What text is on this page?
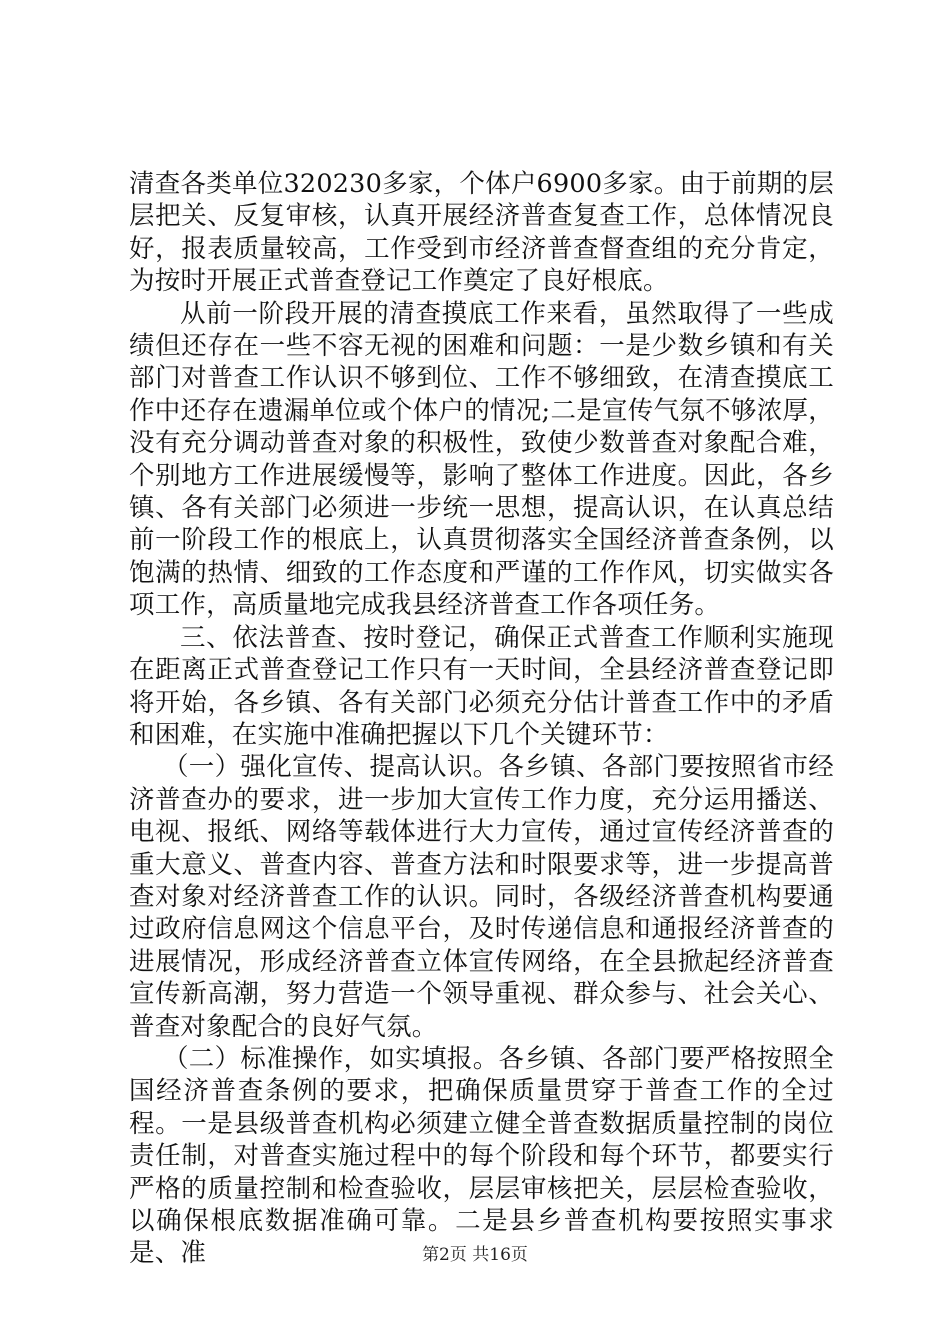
清查各类单位320230多家，个体户6900多家。由于前期的层层把关、反复审核，认真开展经济普查复查工作，总体情况良好，报表质量较高，工作受到市经济普查督查组的充分肯定，为按时开展正式普查登记工作奠定了良好根底。

从前一阶段开展的清查摸底工作来看，虽然取得了一些成绩但还存在一些不容无视的困难和问题：一是少数乡镇和有关部门对普查工作认识不够到位、工作不够细致，在清查摸底工作中还存在遗漏单位或个体户的情况;二是宣传气氛不够浓厚，没有充分调动普查对象的积极性，致使少数普查对象配合难，个别地方工作进展缓慢等，影响了整体工作进度。因此，各乡镇、各有关部门必须进一步统一思想，提高认识，在认真总结前一阶段工作的根底上，认真贯彻落实全国经济普查条例，以饱满的热情、细致的工作态度和严谨的工作作风，切实做实各项工作，高质量地完成我县经济普查工作各项任务。

三、依法普查、按时登记，确保正式普查工作顺利实施现在距离正式普查登记工作只有一天时间，全县经济普查登记即将开始，各乡镇、各有关部门必须充分估计普查工作中的矛盾和困难，在实施中准确把握以下几个关键环节：

（一）强化宣传、提高认识。各乡镇、各部门要按照省市经济普查办的要求，进一步加大宣传工作力度，充分运用播送、电视、报纸、网络等载体进行大力宣传，通过宣传经济普查的重大意义、普查内容、普查方法和时限要求等，进一步提高普查对象对经济普查工作的认识。同时，各级经济普查机构要通过政府信息网这个信息平台，及时传递信息和通报经济普查的进展情况，形成经济普查立体宣传网络，在全县掀起经济普查宣传新高潮，努力营造一个领导重视、群众参与、社会关心、普查对象配合的良好气氛。

（二）标准操作，如实填报。各乡镇、各部门要严格按照全国经济普查条例的要求，把确保质量贯穿于普查工作的全过程。一是县级普查机构必须建立健全普查数据质量控制的岗位责任制，对普查实施过程中的每个阶段和每个环节，都要实行严格的质量控制和检查验收，层层审核把关，层层检查验收，以确保根底数据准确可靠。二是县乡普查机构要按照实事求是、准	第2页 共16页
